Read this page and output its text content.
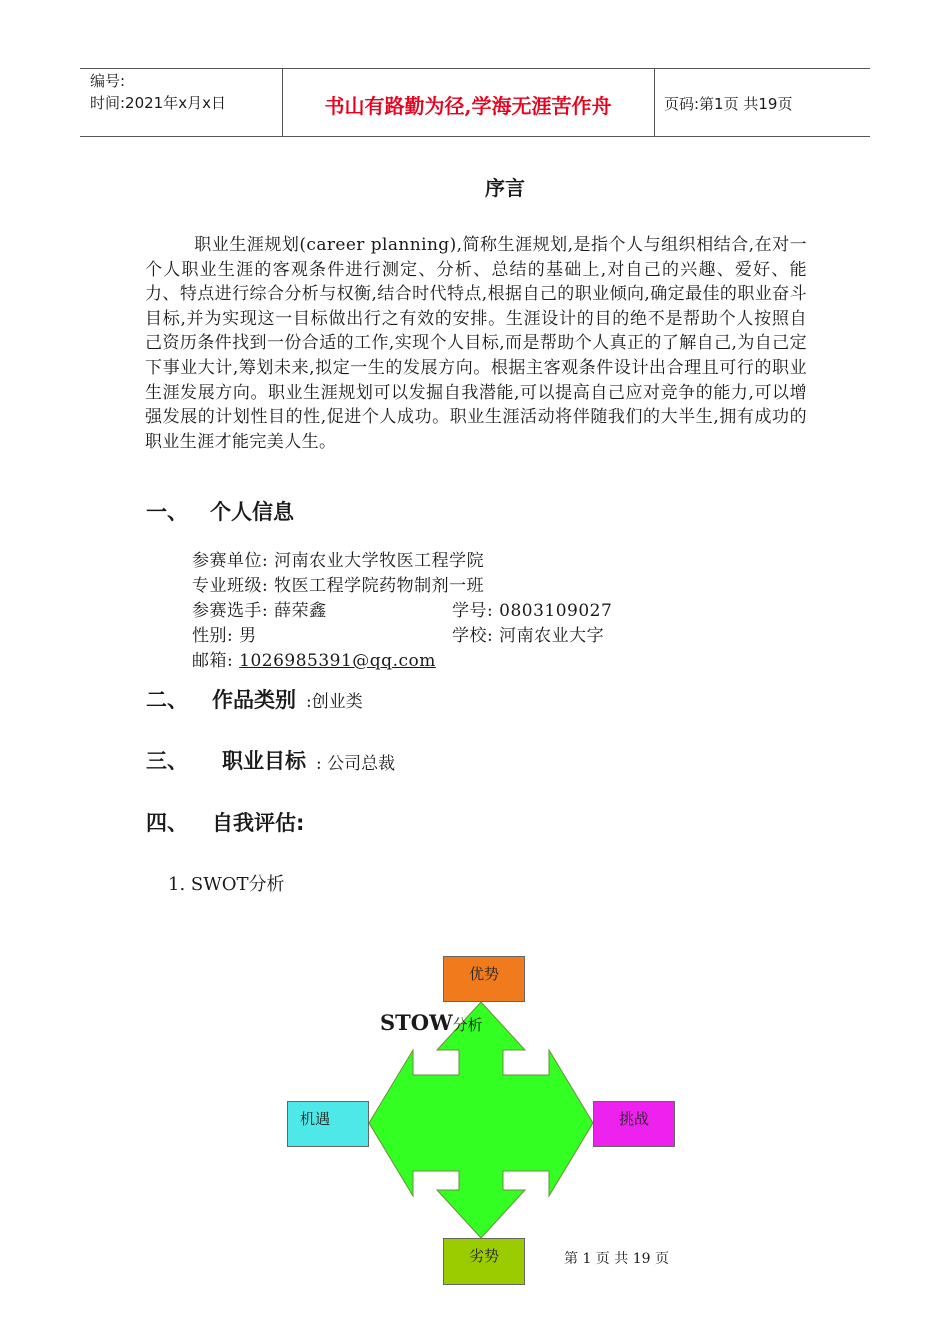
编号:
时间:2021年x月x日	书山有路勤为径,学海无涯苦作舟	页码:第1页 共19页
序言
职业生涯规划(career planning),简称生涯规划,是指个人与组织相结合,在对一个人职业生涯的客观条件进行测定、分析、总结的基础上,对自己的兴趣、爱好、能力、特点进行综合分析与权衡,结合时代特点,根据自己的职业倾向,确定最佳的职业奋斗目标,并为实现这一目标做出行之有效的安排。生涯设计的目的绝不是帮助个人按照自己资历条件找到一份合适的工作,实现个人目标,而是帮助个人真正的了解自己,为自己定下事业大计,筹划未来,拟定一生的发展方向。根据主客观条件设计出合理且可行的职业生涯发展方向。职业生涯规划可以发掘自我潜能,可以提高自己应对竞争的能力,可以增强发展的计划性目的性,促进个人成功。职业生涯活动将伴随我们的大半生,拥有成功的职业生涯才能完美人生。
一、 个人信息
参赛单位: 河南农业大学牧医工程学院
专业班级: 牧医工程学院药物制剂一班
参赛选手: 薛荣鑫	学号: 0803109027
性别: 男	学校: 河南农业大字
邮箱: 1026985391@qq.com
二、 作品类别 :创业类
三、 职业目标 : 公司总裁
四、 自我评估:
1. SWOT分析
优势
机遇	挑战
劣势
STOW分析
第 1 页 共 19 页
